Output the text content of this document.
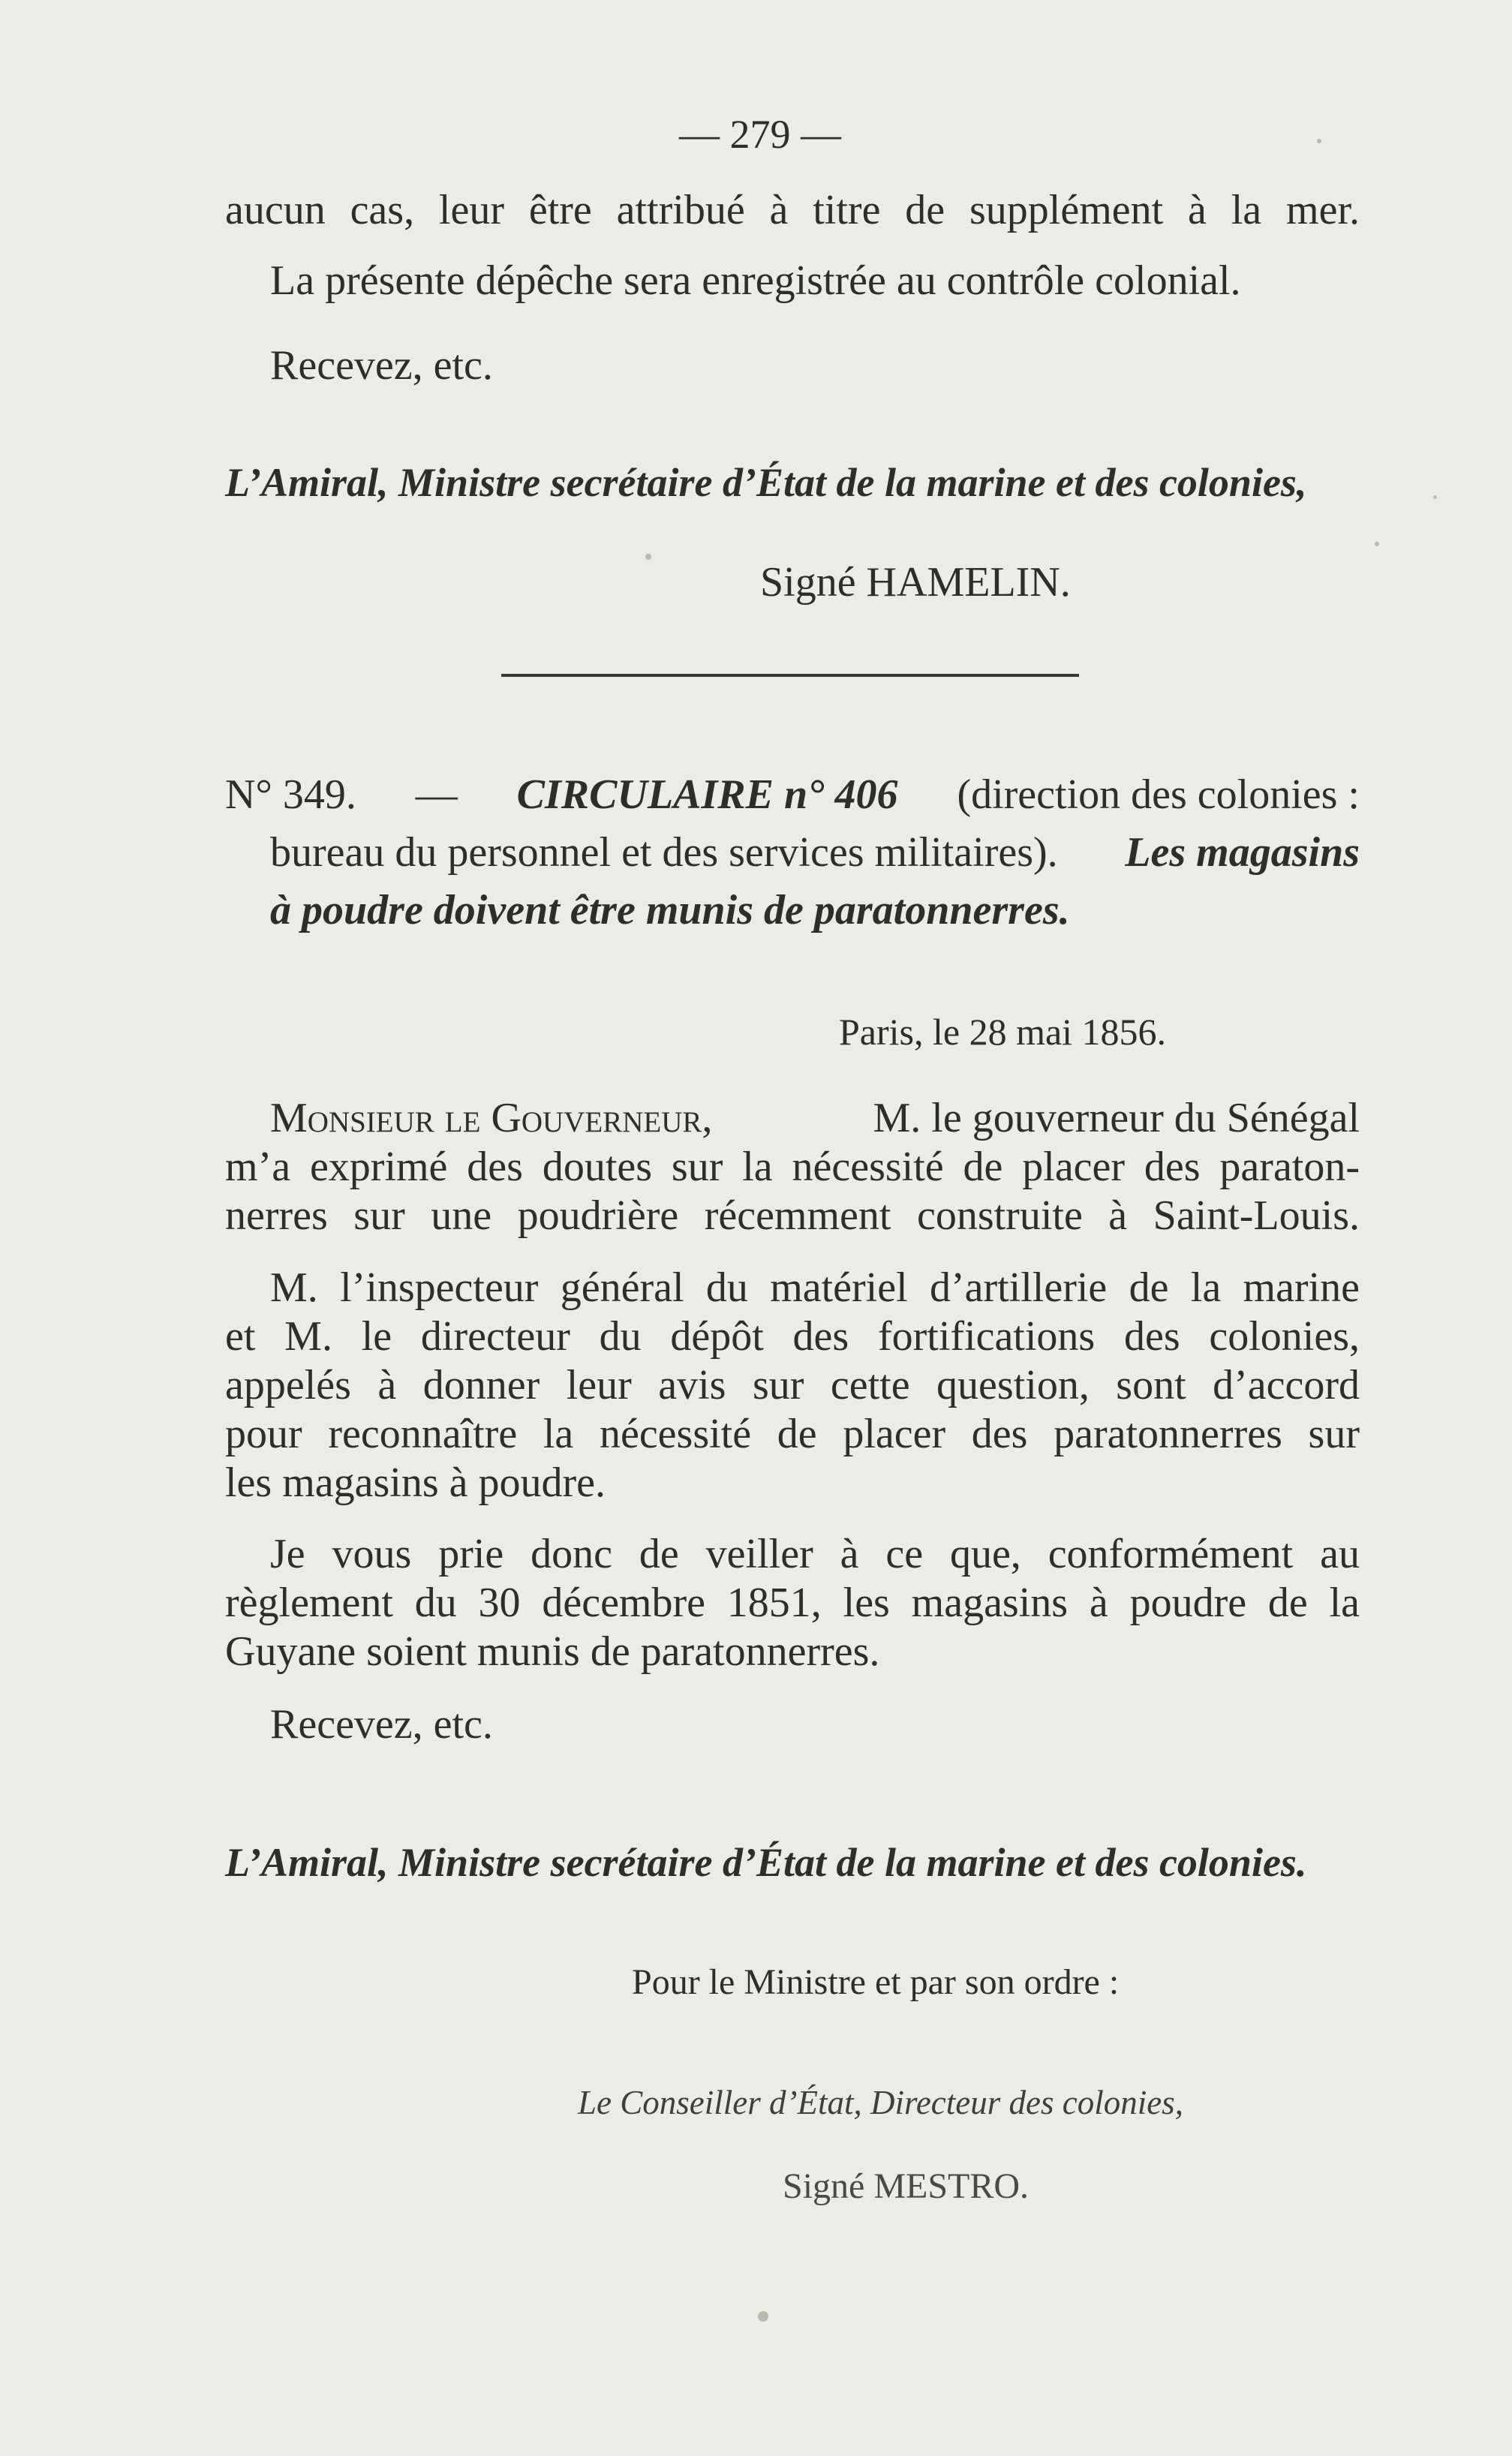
— 279 —
aucun cas, leur être attribué à titre de supplément à la mer.
La présente dépêche sera enregistrée au contrôle colonial.
Recevez, etc.
L’Amiral, Ministre secrétaire d’État de la marine et des colonies,
Signé HAMELIN.
N° 349. — CIRCULAIRE n° 406 (direction des colonies :
bureau du personnel et des services militaires). Les magasins
à poudre doivent être munis de paratonnerres.
Paris, le 28 mai 1856.
Monsieur le Gouverneur,	M. le gouverneur du Sénégal
m’a exprimé des doutes sur la nécessité de placer des paraton-
nerres sur une poudrière récemment construite à Saint-Louis.
M. l’inspecteur général du matériel d’artillerie de la marine
et M. le directeur du dépôt des fortifications des colonies,
appelés à donner leur avis sur cette question, sont d’accord
pour reconnaître la nécessité de placer des paratonnerres sur
les magasins à poudre.
Je vous prie donc de veiller à ce que, conformément au
règlement du 30 décembre 1851, les magasins à poudre de la
Guyane soient munis de paratonnerres.
Recevez, etc.
L’Amiral, Ministre secrétaire d’État de la marine et des colonies.
Pour le Ministre et par son ordre :
Le Conseiller d’État, Directeur des colonies,
Signé MESTRO.
